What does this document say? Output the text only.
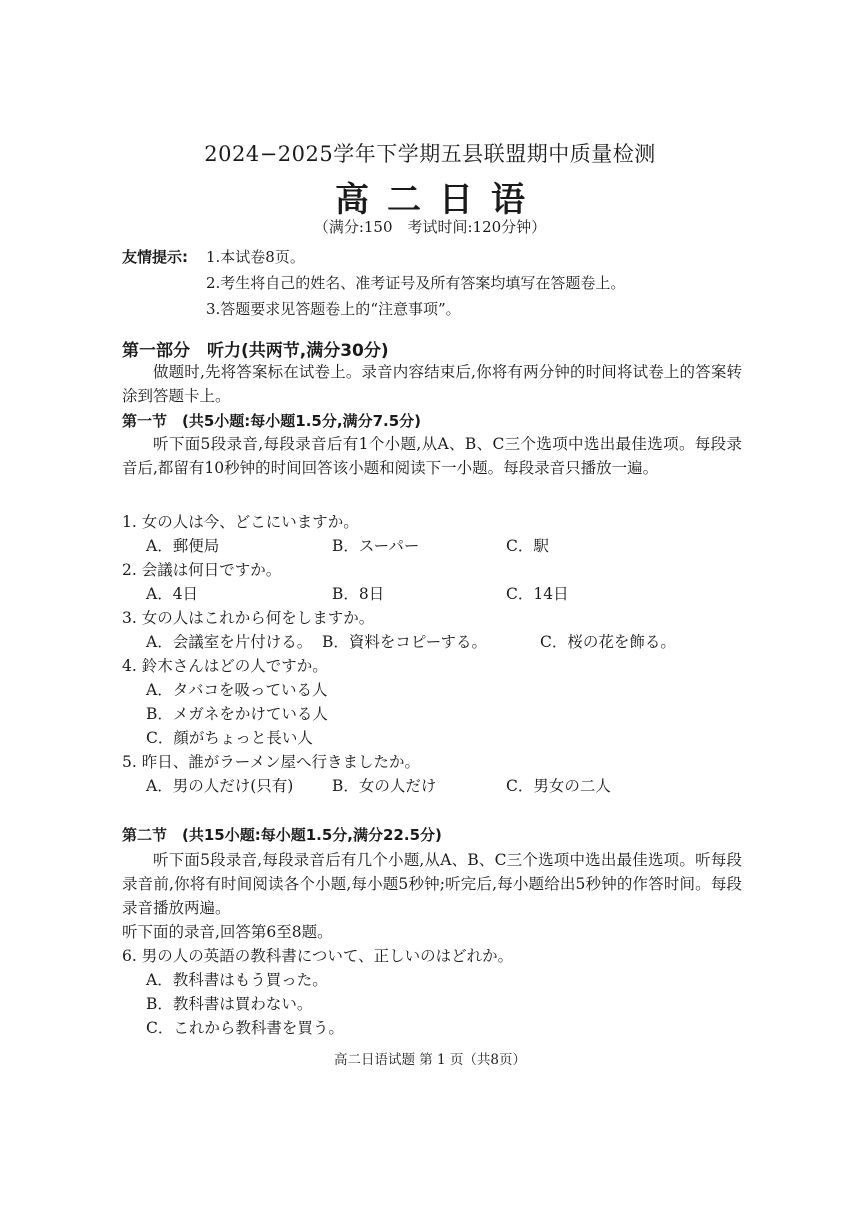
2024−2025学年下学期五县联盟期中质量检测
高二日语
（满分:150　考试时间:120分钟）
友情提示: 1.本试卷8页。
2.考生将自己的姓名、准考证号及所有答案均填写在答题卷上。
3.答题要求见答题卷上的“注意事项”。
第一部分　听力(共两节,满分30分)
做题时,先将答案标在试卷上。录音内容结束后,你将有两分钟的时间将试卷上的答案转涂到答题卡上。
第一节　(共5小题:每小题1.5分,满分7.5分)
听下面5段录音,每段录音后有1个小题,从A、B、C三个选项中选出最佳选项。每段录音后,都留有10秒钟的时间回答该小题和阅读下一小题。每段录音只播放一遍。
1. 女の人は今、どこにいますか。
A．郵便局	B．スーパー	C．駅
2. 会議は何日ですか。
A．4日	B．8日	C．14日
3. 女の人はこれから何をしますか。
A．会議室を片付ける。 B．資料をコピーする。	C．桜の花を飾る。
4. 鈴木さんはどの人ですか。
A．タバコを吸っている人
B．メガネをかけている人
C．顔がちょっと長い人
5. 昨日、誰がラーメン屋へ行きましたか。
A．男の人だけ(只有) B．女の人だけ	C．男女の二人
第二节　(共15小题:每小题1.5分,满分22.5分)
听下面5段录音,每段录音后有几个小题,从A、B、C三个选项中选出最佳选项。听每段录音前,你将有时间阅读各个小题,每小题5秒钟;听完后,每小题给出5秒钟的作答时间。每段录音播放两遍。
听下面的录音,回答第6至8题。
6. 男の人の英語の教科書について、正しいのはどれか。
A．教科書はもう買った。
B．教科書は買わない。
C．これから教科書を買う。
高二日语试题 第 1 页（共8页）
